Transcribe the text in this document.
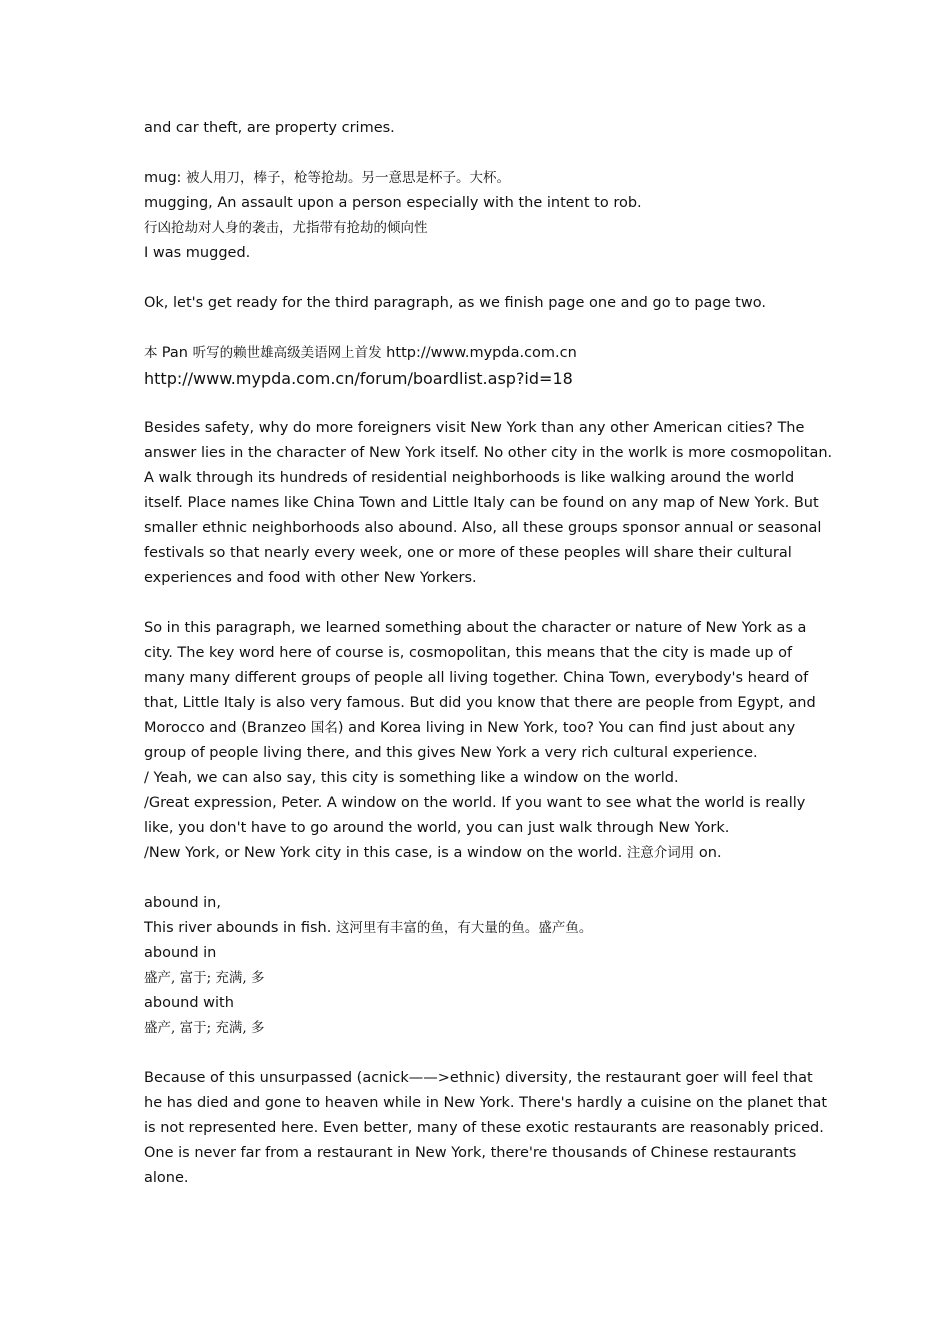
and car theft, are property crimes.
mug: 被人用刀，棒子，枪等抢劫。另一意思是杯子。大杯。
mugging, An assault upon a person especially with the intent to rob.
行凶抢劫对人身的袭击，尤指带有抢劫的倾向性
I was mugged.
Ok, let's get ready for the third paragraph, as we finish page one and go to page two.
本 Pan 听写的赖世雄高级美语网上首发 http://www.mypda.com.cn
http://www.mypda.com.cn/forum/boardlist.asp?id=18
Besides safety, why do more foreigners visit New York than any other American cities? The
answer lies in the character of New York itself. No other city in the worlk is more cosmopolitan.
A walk through its hundreds of residential neighborhoods is like walking around the world
itself. Place names like China Town and Little Italy can be found on any map of New York. But
smaller ethnic neighborhoods also abound. Also, all these groups sponsor annual or seasonal
festivals so that nearly every week, one or more of these peoples will share their cultural
experiences and food with other New Yorkers.
So in this paragraph, we learned something about the character or nature of New York as a
city. The key word here of course is, cosmopolitan, this means that the city is made up of
many many different groups of people all living together. China Town, everybody's heard of
that, Little Italy is also very famous. But did you know that there are people from Egypt, and
Morocco and (Branzeo 国名) and Korea living in New York, too? You can find just about any
group of people living there, and this gives New York a very rich cultural experience.
/ Yeah, we can also say, this city is something like a window on the world.
/Great expression, Peter. A window on the world. If you want to see what the world is really
like, you don't have to go around the world, you can just walk through New York.
/New York, or New York city in this case, is a window on the world. 注意介词用 on.
abound in,
This river abounds in fish. 这河里有丰富的鱼，有大量的鱼。盛产鱼。
abound in
盛产, 富于; 充满, 多
abound with
盛产, 富于; 充满, 多
Because of this unsurpassed (acnick——>ethnic) diversity, the restaurant goer will feel that
he has died and gone to heaven while in New York. There's hardly a cuisine on the planet that
is not represented here. Even better, many of these exotic restaurants are reasonably priced.
One is never far from a restaurant in New York, there're thousands of Chinese restaurants
alone.
